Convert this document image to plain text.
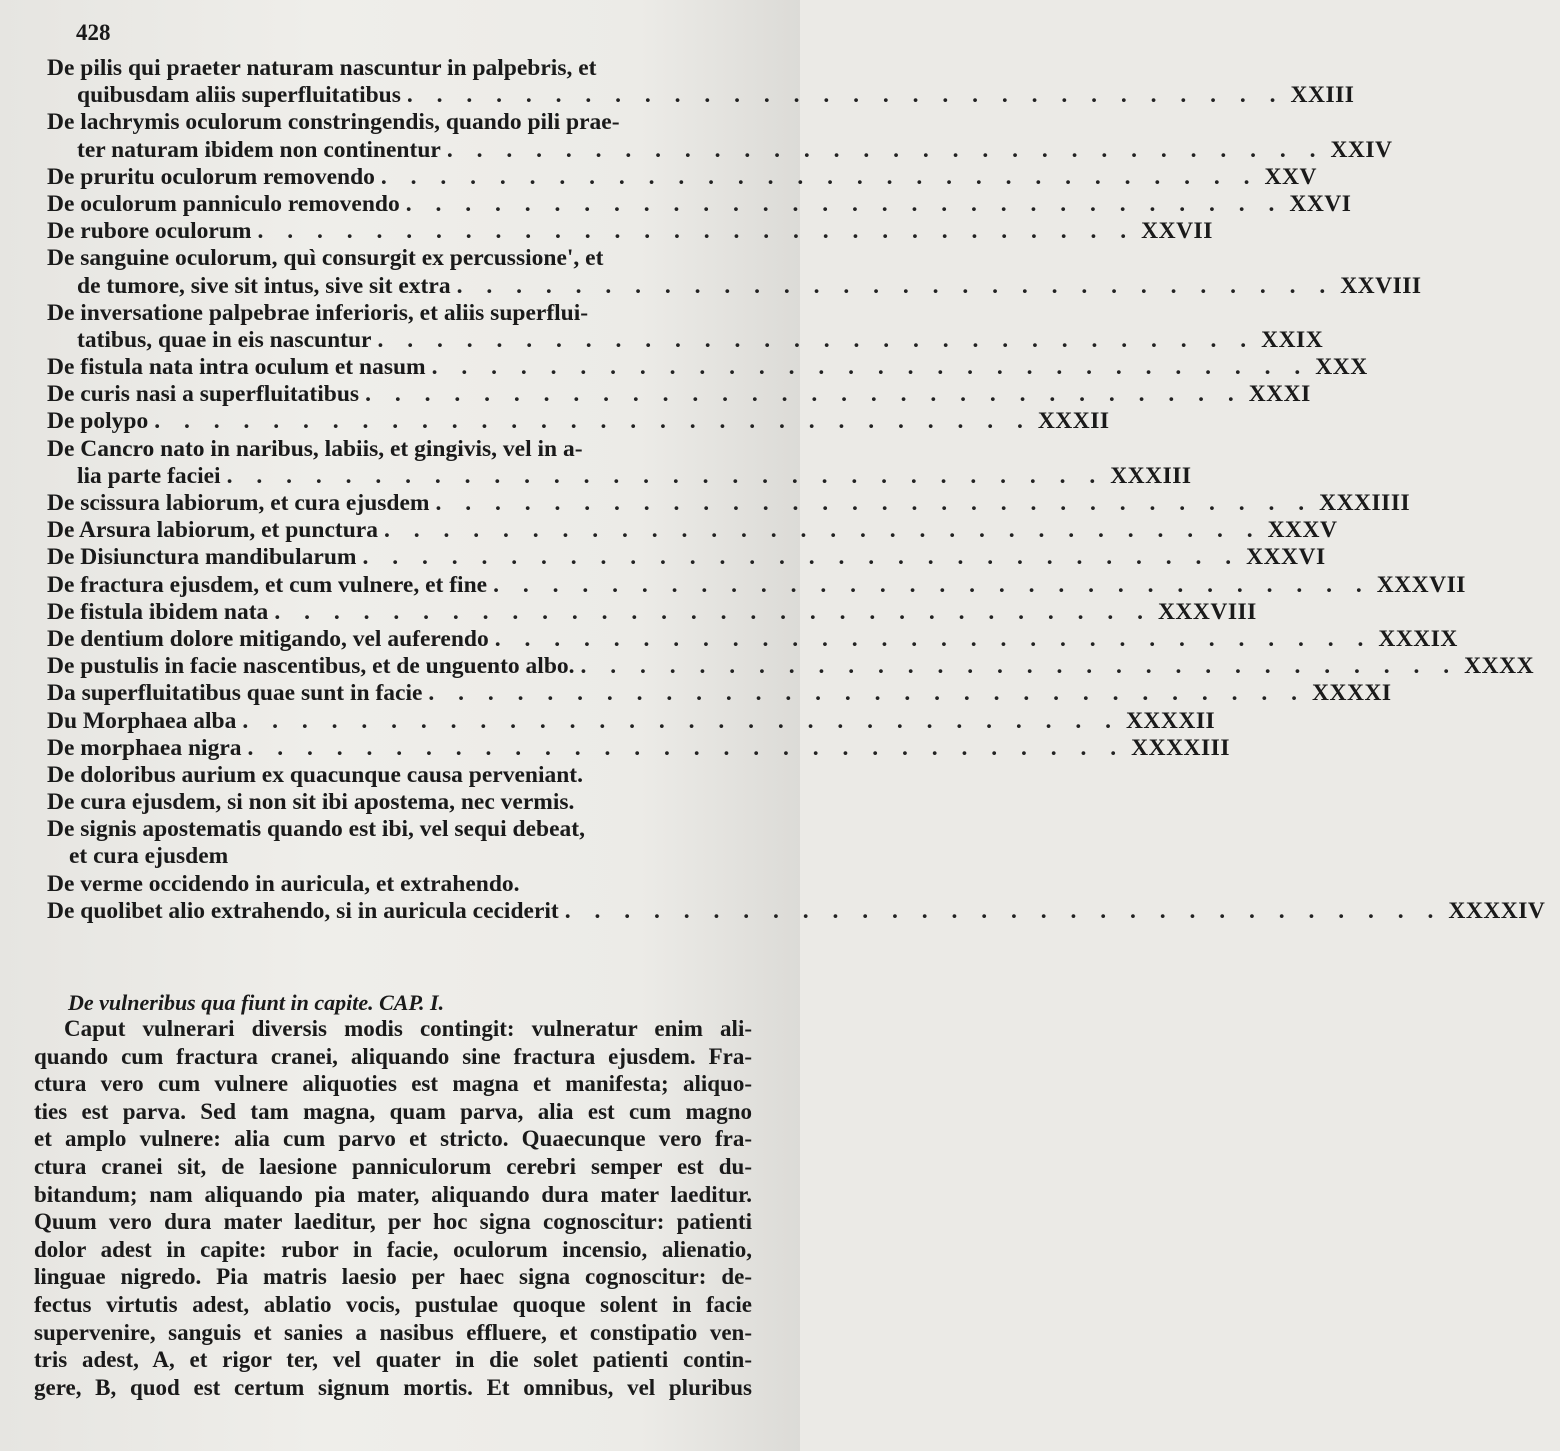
428
De pilis qui praeter naturam nascuntur in palpebris, et
quibusdam aliis superfluitatibus . . . . . . . . . . . . . . . . . . . . . . . . . . . . . . XXIII
De lachrymis oculorum constringendis, quando pili prae-
ter naturam ibidem non continentur . . . . . . . . . . . . . . . . . . . . . . . . . . . . . . XXIV
De pruritu oculorum removendo . . . . . . . . . . . . . . . . . . . . . . . . . . . . . . XXV
De oculorum panniculo removendo . . . . . . . . . . . . . . . . . . . . . . . . . . . . . . XXVI
De rubore oculorum . . . . . . . . . . . . . . . . . . . . . . . . . . . . . . XXVII
De sanguine oculorum, quì consurgit ex percussione', et
de tumore, sive sit intus, sive sit extra . . . . . . . . . . . . . . . . . . . . . . . . . . . . . . XXVIII
De inversatione palpebrae inferioris, et aliis superflui-
tatibus, quae in eis nascuntur . . . . . . . . . . . . . . . . . . . . . . . . . . . . . . XXIX
De fistula nata intra oculum et nasum . . . . . . . . . . . . . . . . . . . . . . . . . . . . . . XXX
De curis nasi a superfluitatibus . . . . . . . . . . . . . . . . . . . . . . . . . . . . . . XXXI
De polypo . . . . . . . . . . . . . . . . . . . . . . . . . . . . . . XXXII
De Cancro nato in naribus, labiis, et gingivis, vel in a-
lia parte faciei . . . . . . . . . . . . . . . . . . . . . . . . . . . . . . XXXIII
De scissura labiorum, et cura ejusdem . . . . . . . . . . . . . . . . . . . . . . . . . . . . . . XXXIIII
De Arsura labiorum, et punctura . . . . . . . . . . . . . . . . . . . . . . . . . . . . . . XXXV
De Disiunctura mandibularum . . . . . . . . . . . . . . . . . . . . . . . . . . . . . . XXXVI
De fractura ejusdem, et cum vulnere, et fine . . . . . . . . . . . . . . . . . . . . . . . . . . . . . . XXXVII
De fistula ibidem nata . . . . . . . . . . . . . . . . . . . . . . . . . . . . . . XXXVIII
De dentium dolore mitigando, vel auferendo . . . . . . . . . . . . . . . . . . . . . . . . . . . . . . XXXIX
De pustulis in facie nascentibus, et de unguento albo. . . . . . . . . . . . . . . . . . . . . . . . . . . . . . . XXXX
Da superfluitatibus quae sunt in facie . . . . . . . . . . . . . . . . . . . . . . . . . . . . . . XXXXI
Du Morphaea alba . . . . . . . . . . . . . . . . . . . . . . . . . . . . . . XXXXII
De morphaea nigra . . . . . . . . . . . . . . . . . . . . . . . . . . . . . . XXXXIII
De doloribus aurium ex quacunque causa perveniant.
De cura ejusdem, si non sit ibi apostema, nec vermis.
De signis apostematis quando est ibi, vel sequi debeat,
et cura ejusdem
De verme occidendo in auricula, et extrahendo.
De quolibet alio extrahendo, si in auricula ceciderit . . . . . . . . . . . . . . . . . . . . . . . . . . . . . . XXXXIV
De vulneribus qua fiunt in capite. CAP. I.
Caput vulnerari diversis modis contingit: vulneratur enim ali-
quando cum fractura cranei, aliquando sine fractura ejusdem. Fra-
ctura vero cum vulnere aliquoties est magna et manifesta; aliquo-
ties est parva. Sed tam magna, quam parva, alia est cum magno
et amplo vulnere: alia cum parvo et stricto. Quaecunque vero fra-
ctura cranei sit, de laesione panniculorum cerebri semper est du-
bitandum; nam aliquando pia mater, aliquando dura mater laeditur.
Quum vero dura mater laeditur, per hoc signa cognoscitur: patienti
dolor adest in capite: rubor in facie, oculorum incensio, alienatio,
linguae nigredo. Pia matris laesio per haec signa cognoscitur: de-
fectus virtutis adest, ablatio vocis, pustulae quoque solent in facie
supervenire, sanguis et sanies a nasibus effluere, et constipatio ven-
tris adest, A, et rigor ter, vel quater in die solet patienti contin-
gere, B, quod est certum signum mortis. Et omnibus, vel pluribus
